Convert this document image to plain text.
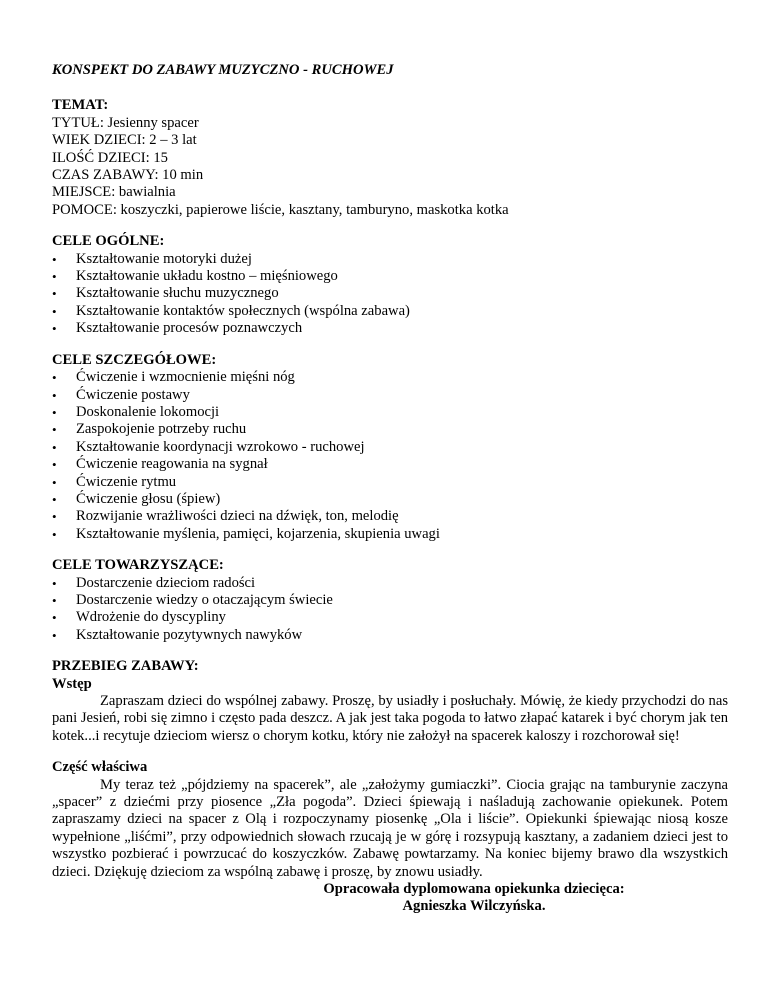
KONSPEKT DO ZABAWY MUZYCZNO - RUCHOWEJ

TEMAT:

TYTUŁ: Jesienny spacer

WIEK DZIECI: 2 – 3 lat

ILOŚĆ DZIECI: 15

CZAS ZABAWY: 10 min

MIEJSCE: bawialnia

POMOCE: koszyczki, papierowe liście, kasztany, tamburyno, maskotka kotka

CELE OGÓLNE:

•	Kształtowanie motoryki dużej
•	Kształtowanie układu kostno – mięśniowego
•	Kształtowanie słuchu muzycznego
•	Kształtowanie kontaktów społecznych (wspólna zabawa)
•	Kształtowanie procesów poznawczych

CELE SZCZEGÓŁOWE:

•	Ćwiczenie i wzmocnienie mięśni nóg
•	Ćwiczenie postawy
•	Doskonalenie lokomocji
•	Zaspokojenie potrzeby ruchu
•	Kształtowanie koordynacji wzrokowo - ruchowej
•	Ćwiczenie reagowania na sygnał
•	Ćwiczenie rytmu
•	Ćwiczenie głosu (śpiew)
•	Rozwijanie wrażliwości dzieci na dźwięk, ton, melodię
•	Kształtowanie myślenia, pamięci, kojarzenia, skupienia uwagi

CELE TOWARZYSZĄCE:

•	Dostarczenie dzieciom radości
•	Dostarczenie wiedzy o otaczającym świecie
•	Wdrożenie do dyscypliny
•	Kształtowanie pozytywnych nawyków

PRZEBIEG ZABAWY:

Wstęp

Zapraszam dzieci do wspólnej zabawy. Proszę, by usiadły i posłuchały. Mówię, że kiedy przychodzi do nas pani Jesień, robi się zimno i często pada deszcz. A jak jest taka pogoda to łatwo złapać katarek i być chorym jak ten kotek...i recytuje dzieciom wiersz o chorym kotku, który nie założył na spacerek kaloszy i rozchorował się!

Część właściwa

My teraz też „pójdziemy na spacerek”, ale „założymy gumiaczki”. Ciocia grając na tamburynie zaczyna „spacer” z dziećmi przy piosence „Zła pogoda”. Dzieci śpiewają i naśladują zachowanie opiekunek. Potem zapraszamy dzieci na spacer z Olą i rozpoczynamy piosenkę „Ola i liście”. Opiekunki śpiewając niosą kosze wypełnione „liśćmi”, przy odpowiednich słowach rzucają je w górę i rozsypują kasztany, a zadaniem dzieci jest to wszystko pozbierać i powrzucać do koszyczków. Zabawę powtarzamy. Na koniec bijemy brawo dla wszystkich dzieci. Dziękuję dzieciom za wspólną zabawę i proszę, by znowu usiadły.

Opracowała dyplomowana opiekunka dziecięca:

Agnieszka Wilczyńska.
